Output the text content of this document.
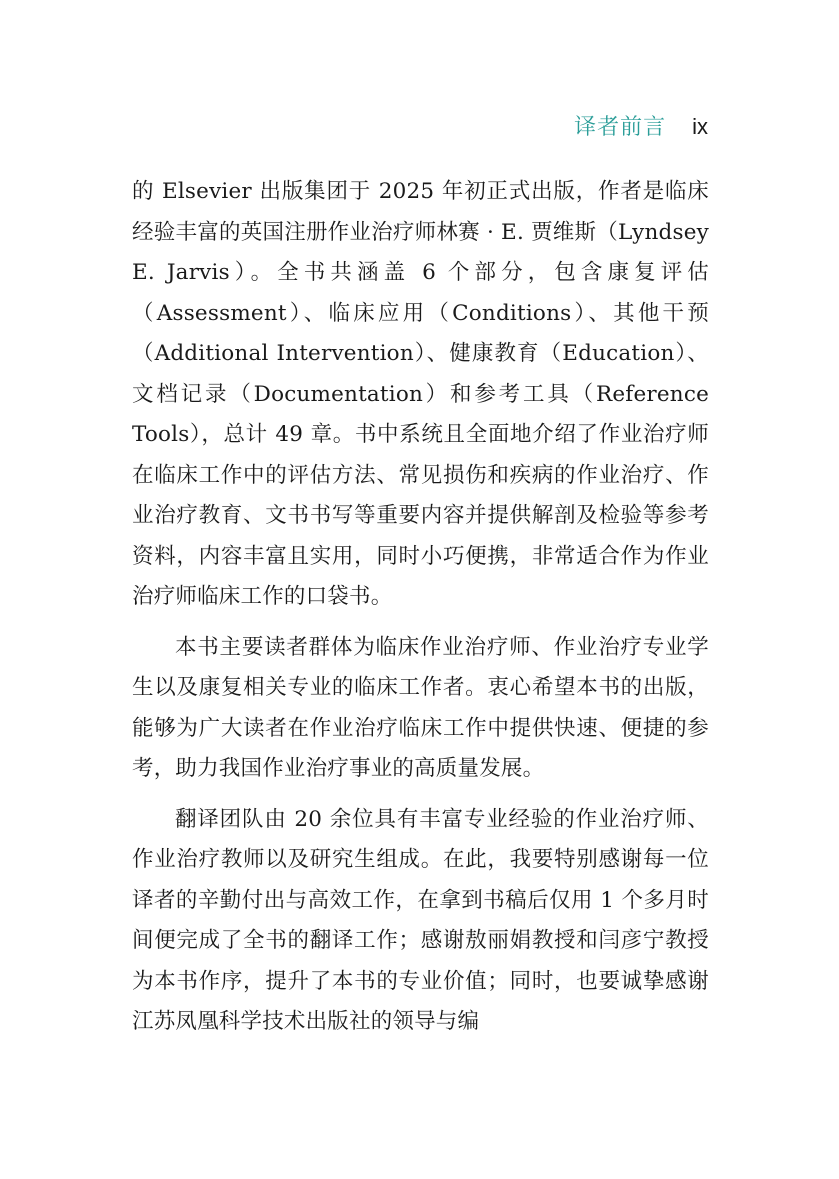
译者前言 ix

的 Elsevier 出版集团于 2025 年初正式出版，作者是临床经验丰富的英国注册作业治疗师林赛 · E. 贾维斯（Lyndsey E. Jarvis）。全书共涵盖 6 个部分，包含康复评估（Assessment）、临床应用（Conditions）、其他干预（Additional Intervention）、健康教育（Education）、文档记录（Documentation）和参考工具（Reference Tools），总计 49 章。书中系统且全面地介绍了作业治疗师在临床工作中的评估方法、常见损伤和疾病的作业治疗、作业治疗教育、文书书写等重要内容并提供解剖及检验等参考资料，内容丰富且实用，同时小巧便携，非常适合作为作业治疗师临床工作的口袋书。

本书主要读者群体为临床作业治疗师、作业治疗专业学生以及康复相关专业的临床工作者。衷心希望本书的出版，能够为广大读者在作业治疗临床工作中提供快速、便捷的参考，助力我国作业治疗事业的高质量发展。

翻译团队由 20 余位具有丰富专业经验的作业治疗师、作业治疗教师以及研究生组成。在此，我要特别感谢每一位译者的辛勤付出与高效工作，在拿到书稿后仅用 1 个多月时间便完成了全书的翻译工作；感谢敖丽娟教授和闫彦宁教授为本书作序，提升了本书的专业价值；同时，也要诚挚感谢江苏凤凰科学技术出版社的领导与编
